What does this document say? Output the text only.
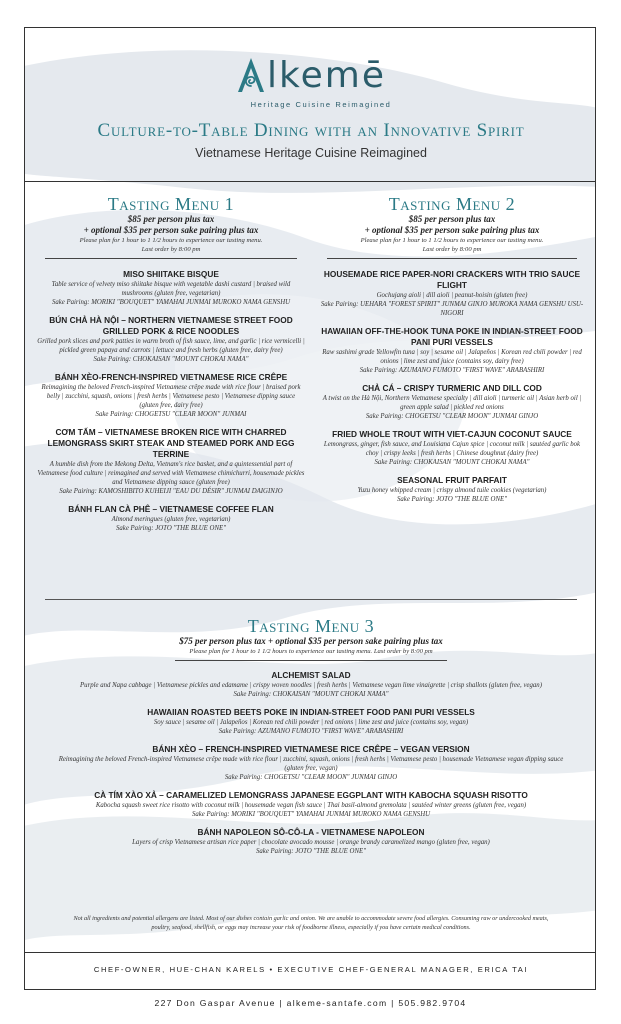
lkemē
Heritage Cuisine Reimagined
Culture-to-Table Dining with an Innovative Spirit
Vietnamese Heritage Cuisine Reimagined
Tasting Menu 1
$85 per person plus tax
+ optional $35 per person sake pairing plus tax
Please plan for 1 hour to 1 1/2 hours to experience our tasting menu.
Last order by 8:00 pm
MISO SHIITAKE BISQUE
Table service of velvety miso shiitake bisque with vegetable dashi custard | braised wild mushrooms (gluten free, vegetarian)
Sake Pairing: MORIKI "BOUQUET" YAMAHAI JUNMAI MUROKO NAMA GENSHU
BÚN CHẢ HÀ NỘI – NORTHERN VIETNAMESE STREET FOOD GRILLED PORK & RICE NOODLES
Grilled pork slices and pork patties in warm broth of fish sauce, lime, and garlic | rice vermicelli | pickled green papaya and carrots | lettuce and fresh herbs (gluten free, dairy free)
Sake Pairing: CHOKAISAN "MOUNT CHOKAI NAMA"
BÁNH XÈO-FRENCH-INSPIRED VIETNAMESE RICE CRÊPE
Reimagining the beloved French-inspired Vietnamese crêpe made with rice flour | braised pork belly | zucchini, squash, onions | fresh herbs | Vietnamese pesto | Vietnamese dipping sauce (gluten free, dairy free)
Sake Pairing: CHOGETSU "CLEAR MOON" JUNMAI
CƠM TẤM – VIETNAMESE BROKEN RICE WITH CHARRED LEMONGRASS SKIRT STEAK AND STEAMED PORK AND EGG TERRINE
A humble dish from the Mekong Delta, Vietnam's rice basket, and a quintessential part of Vietnamese food culture | reimagined and served with Vietnamese chimichurri, housemade pickles and Vietnamese dipping sauce (gluten free)
Sake Pairing: KAMOSHIBITO KUHEIJI "EAU DU DÉSIR" JUNMAI DAIGINJO
BÁNH FLAN CÀ PHÊ – VIETNAMESE COFFEE FLAN
Almond meringues (gluten free, vegetarian)
Sake Pairing: JOTO "THE BLUE ONE"
Tasting Menu 2
$85 per person plus tax
+ optional $35 per person sake pairing plus tax
Please plan for 1 hour to 1 1/2 hours to experience our tasting menu.
Last order by 8:00 pm
HOUSEMADE RICE PAPER-NORI CRACKERS WITH TRIO SAUCE FLIGHT
Gochujang aioli | dill aioli | peanut-hoisin (gluten free)
Sake Pairing: UEHARA "FOREST SPIRIT" JUNMAI GINJO MUROKA NAMA GENSHU USU-NIGORI
HAWAIIAN OFF-THE-HOOK TUNA POKE IN INDIAN-STREET FOOD PANI PURI VESSELS
Raw sashimi grade Yellowfin tuna | soy | sesame oil | Jalapeños | Korean red chili powder | red onions | lime zest and juice (contains soy, dairy free)
Sake Pairing: AZUMANO FUMOTO "FIRST WAVE" ARABASHIRI
CHẢ CÁ – CRISPY TURMERIC AND DILL COD
A twist on the Hà Nội, Northern Vietnamese specialty | dill aioli | turmeric oil | Asian herb oil | green apple salad | pickled red onions
Sake Pairing: CHOGETSU "CLEAR MOON" JUNMAI GINJO
FRIED WHOLE TROUT WITH VIET-CAJUN COCONUT SAUCE
Lemongrass, ginger, fish sauce, and Louisiana Cajun spice | coconut milk | sautéed garlic bok choy | crispy leeks | fresh herbs | Chinese doughnut (dairy free)
Sake Pairing: CHOKAISAN "MOUNT CHOKAI NAMA"
SEASONAL FRUIT PARFAIT
Yuzu honey whipped cream | crispy almond tuile cookies (vegetarian)
Sake Pairing: JOTO "THE BLUE ONE"
Tasting Menu 3
$75 per person plus tax + optional $35 per person sake pairing plus tax
Please plan for 1 hour to 1 1/2 hours to experience our tasting menu. Last order by 8:00 pm
ALCHEMIST SALAD
Purple and Napa cabbage | Vietnamese pickles and edamame | crispy woven noodles | fresh herbs | Vietnamese vegan lime vinaigrette | crisp shallots (gluten free, vegan)
Sake Pairing: CHOKAISAN "MOUNT CHOKAI NAMA"
HAWAIIAN ROASTED BEETS POKE IN INDIAN-STREET FOOD PANI PURI VESSELS
Soy sauce | sesame oil | Jalapeños | Korean red chili powder | red onions | lime zest and juice (contains soy, vegan)
Sake Pairing: AZUMANO FUMOTO "FIRST WAVE" ARABASHIRI
BÁNH XÈO – FRENCH-INSPIRED VIETNAMESE RICE CRÊPE – VEGAN VERSION
Reimagining the beloved French-inspired Vietnamese crêpe made with rice flour | zucchini, squash, onions | fresh herbs | Vietnamese pesto | housemade Vietnamese vegan dipping sauce (gluten free, vegan)
Sake Pairing: CHOGETSU "CLEAR MOON" JUNMAI GINJO
CÀ TÍM XÀO XẢ – CARAMELIZED LEMONGRASS JAPANESE EGGPLANT WITH KABOCHA SQUASH RISOTTO
Kabocha squash sweet rice risotto with coconut milk | housemade vegan fish sauce | Thai basil-almond gremolata | sautéed winter greens (gluten free, vegan)
Sake Pairing: MORIKI "BOUQUET" YAMAHAI JUNMAI MUROKO NAMA GENSHU
BÁNH NAPOLEON SÔ-CÔ-LA - VIETNAMESE NAPOLEON
Layers of crisp Vietnamese artisan rice paper | chocolate avocado mousse | orange brandy caramelized mango (gluten free, vegan)
Sake Pairing: JOTO "THE BLUE ONE"
Not all ingredients and potential allergens are listed. Most of our dishes contain garlic and onion. We are unable to accommodate severe food allergies. Consuming raw or undercooked meats, poultry, seafood, shellfish, or eggs may increase your risk of foodborne illness, especially if you have certain medical conditions.
CHEF-OWNER, HUE-CHAN KARELS • EXECUTIVE CHEF-GENERAL MANAGER, ERICA TAI
227 Don Gaspar Avenue | alkeme-santafe.com | 505.982.9704
